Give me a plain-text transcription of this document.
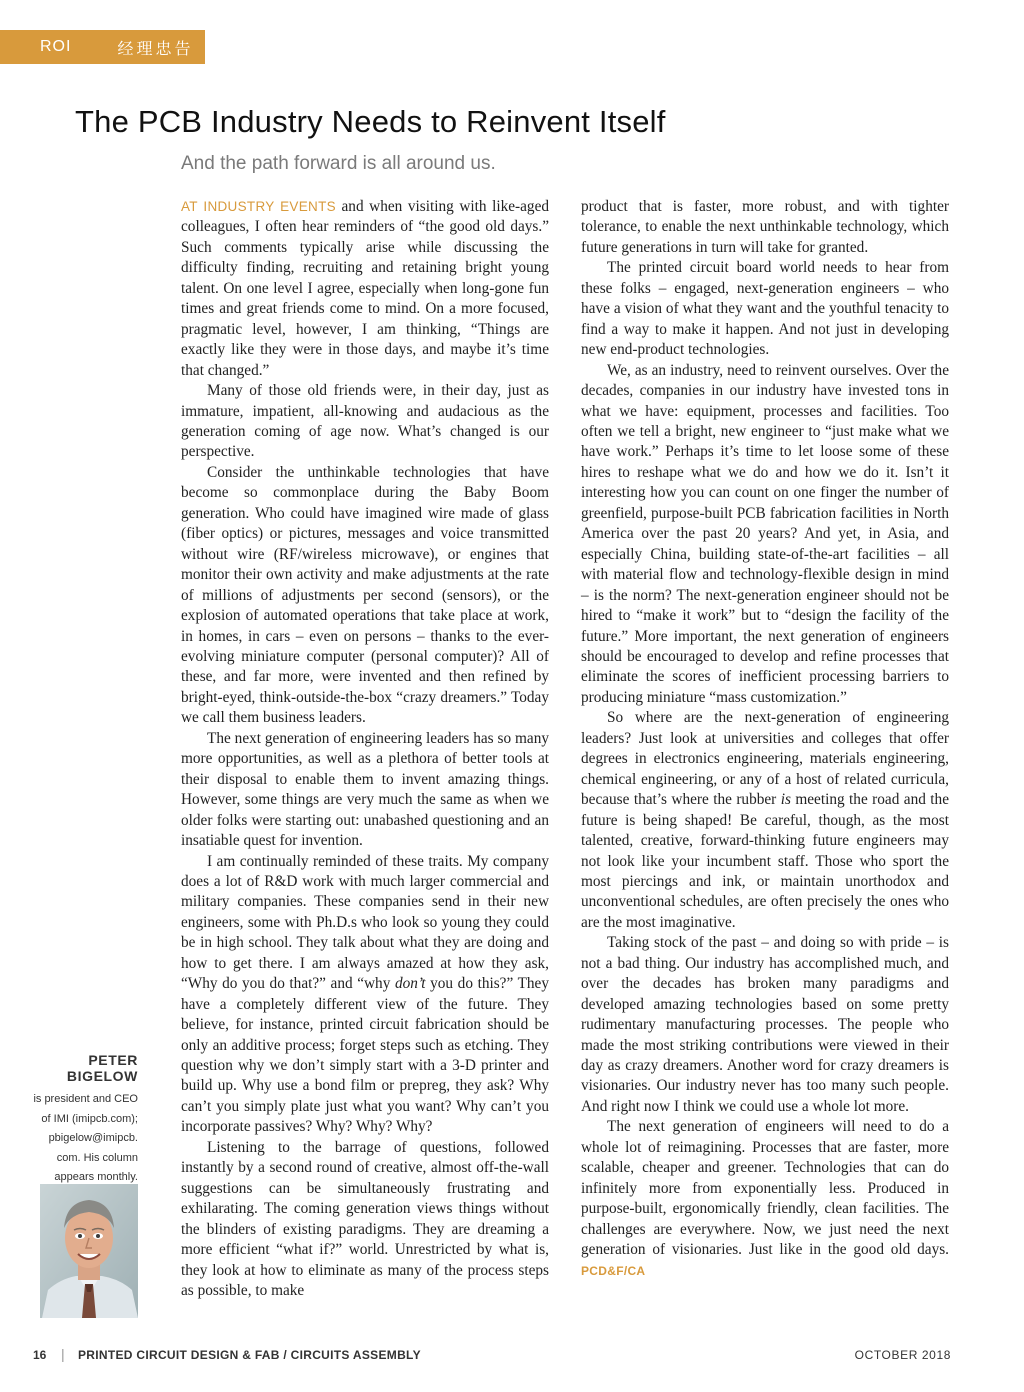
ROI	经理忠告
The PCB Industry Needs to Reinvent Itself
And the path forward is all around us.

AT INDUSTRY EVENTS and when visiting with like-aged colleagues, I often hear reminders of “the good old days.” Such comments typically arise while discussing the difficulty finding, recruiting and retaining bright young talent. On one level I agree, especially when long-gone fun times and great friends come to mind. On a more focused, pragmatic level, however, I am thinking, “Things are exactly like they were in those days, and maybe it’s time that changed.”

Many of those old friends were, in their day, just as immature, impatient, all-knowing and audacious as the generation coming of age now. What’s changed is our perspective.

Consider the unthinkable technologies that have become so commonplace during the Baby Boom generation. Who could have imagined wire made of glass (fiber optics) or pictures, messages and voice transmitted without wire (RF/wireless microwave), or engines that monitor their own activity and make adjustments at the rate of millions of adjustments per second (sensors), or the explosion of automated operations that take place at work, in homes, in cars – even on persons – thanks to the ever-evolving miniature computer (personal computer)? All of these, and far more, were invented and then refined by bright-eyed, think-outside-the-box “crazy dreamers.” Today we call them business leaders.

The next generation of engineering leaders has so many more opportunities, as well as a plethora of better tools at their disposal to enable them to invent amazing things. However, some things are very much the same as when we older folks were starting out: unabashed questioning and an insatiable quest for invention.

I am continually reminded of these traits. My company does a lot of R&D work with much larger commercial and military companies. These companies send in their new engineers, some with Ph.D.s who look so young they could be in high school. They talk about what they are doing and how to get there. I am always amazed at how they ask, “Why do you do that?” and “why don’t you do this?” They have a completely different view of the future. They believe, for instance, printed circuit fabrication should be only an additive process; forget steps such as etching. They question why we don’t simply start with a 3-D printer and build up. Why use a bond film or prepreg, they ask? Why can’t you simply plate just what you want? Why can’t you incorporate passives? Why? Why? Why?

Listening to the barrage of questions, followed instantly by a second round of creative, almost off-the-wall suggestions can be simultaneously frustrating and exhilarating. The coming generation views things without the blinders of existing paradigms. They are dreaming a more efficient “what if?” world. Unrestricted by what is, they look at how to eliminate as many of the process steps as possible, to make

product that is faster, more robust, and with tighter tolerance, to enable the next unthinkable technology, which future generations in turn will take for granted.

The printed circuit board world needs to hear from these folks – engaged, next-generation engineers – who have a vision of what they want and the youthful tenacity to find a way to make it happen. And not just in developing new end-product technologies.

We, as an industry, need to reinvent ourselves. Over the decades, companies in our industry have invested tons in what we have: equipment, processes and facilities. Too often we tell a bright, new engineer to “just make what we have work.” Perhaps it’s time to let loose some of these hires to reshape what we do and how we do it. Isn’t it interesting how you can count on one finger the number of greenfield, purpose-built PCB fabrication facilities in North America over the past 20 years? And yet, in Asia, and especially China, building state-of-the-art facilities – all with material flow and technology-flexible design in mind – is the norm? The next-generation engineer should not be hired to “make it work” but to “design the facility of the future.” More important, the next generation of engineers should be encouraged to develop and refine processes that eliminate the scores of inefficient processing barriers to producing miniature “mass customization.”

So where are the next-generation of engineering leaders? Just look at universities and colleges that offer degrees in electronics engineering, materials engineering, chemical engineering, or any of a host of related curricula, because that’s where the rubber is meeting the road and the future is being shaped! Be careful, though, as the most talented, creative, forward-thinking future engineers may not look like your incumbent staff. Those who sport the most piercings and ink, or maintain unorthodox and unconventional schedules, are often precisely the ones who are the most imaginative.

Taking stock of the past – and doing so with pride – is not a bad thing. Our industry has accomplished much, and over the decades has broken many paradigms and developed amazing technologies based on some pretty rudimentary manufacturing processes. The people who made the most striking contributions were viewed in their day as crazy dreamers. Another word for crazy dreamers is visionaries. Our industry never has too many such people. And right now I think we could use a whole lot more.

The next generation of engineers will need to do a whole lot of reimagining. Processes that are faster, more scalable, cheaper and greener. Technologies that can do infinitely more from exponentially less. Produced in purpose-built, ergonomically friendly, clean facilities. The challenges are everywhere. Now, we just need the next generation of visionaries. Just like in the good old days. PCD&F/CA

PETER BIGELOW
is president and CEO
of IMI (imipcb.com);
pbigelow@imipcb.
com. His column
appears monthly.
16 | PRINTED CIRCUIT DESIGN & FAB / CIRCUITS ASSEMBLY	OCTOBER 2018
